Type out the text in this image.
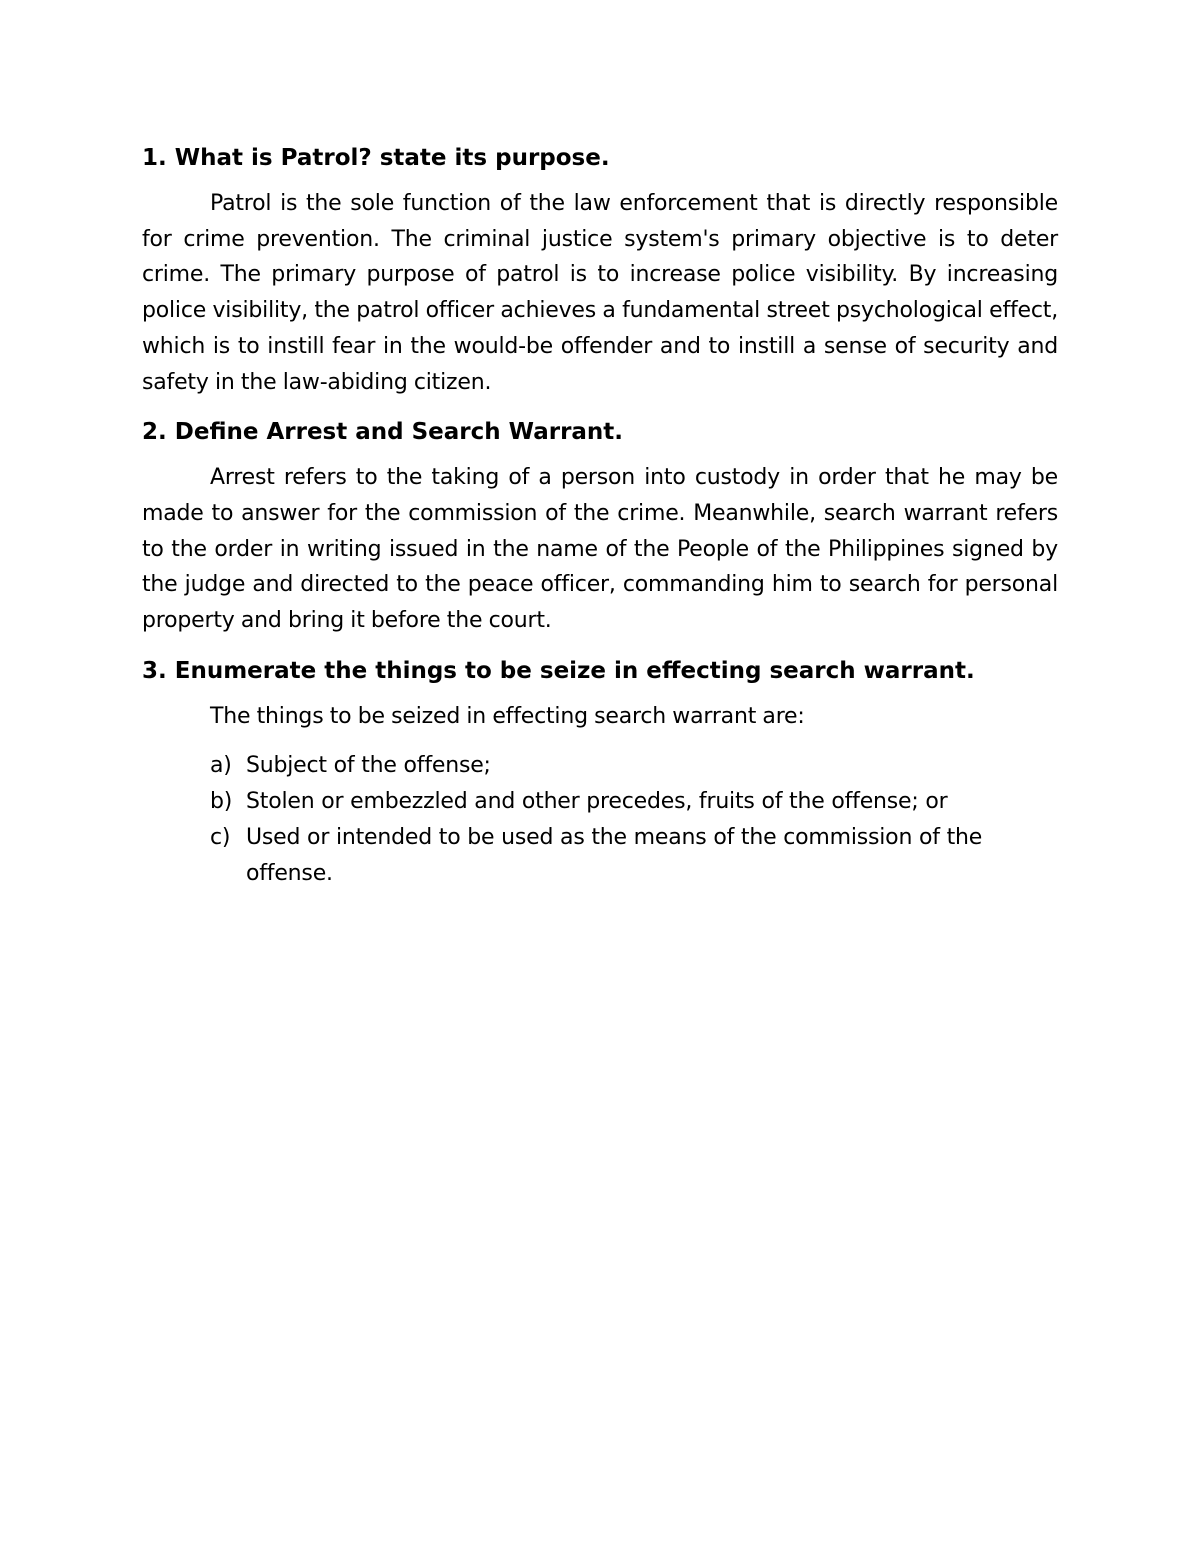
1. What is Patrol? state its purpose.

Patrol is the sole function of the law enforcement that is directly responsible for crime prevention. The criminal justice system's primary objective is to deter crime. The primary purpose of patrol is to increase police visibility. By increasing police visibility, the patrol officer achieves a fundamental street psychological effect, which is to instill fear in the would-be offender and to instill a sense of security and safety in the law-abiding citizen.

2. Define Arrest and Search Warrant.

Arrest refers to the taking of a person into custody in order that he may be made to answer for the commission of the crime. Meanwhile, search warrant refers to the order in writing issued in the name of the People of the Philippines signed by the judge and directed to the peace officer, commanding him to search for personal property and bring it before the court.

3. Enumerate the things to be seize in effecting search warrant.

The things to be seized in effecting search warrant are:

a) Subject of the offense;
b) Stolen or embezzled and other precedes, fruits of the offense; or
c) Used or intended to be used as the means of the commission of the offense.
